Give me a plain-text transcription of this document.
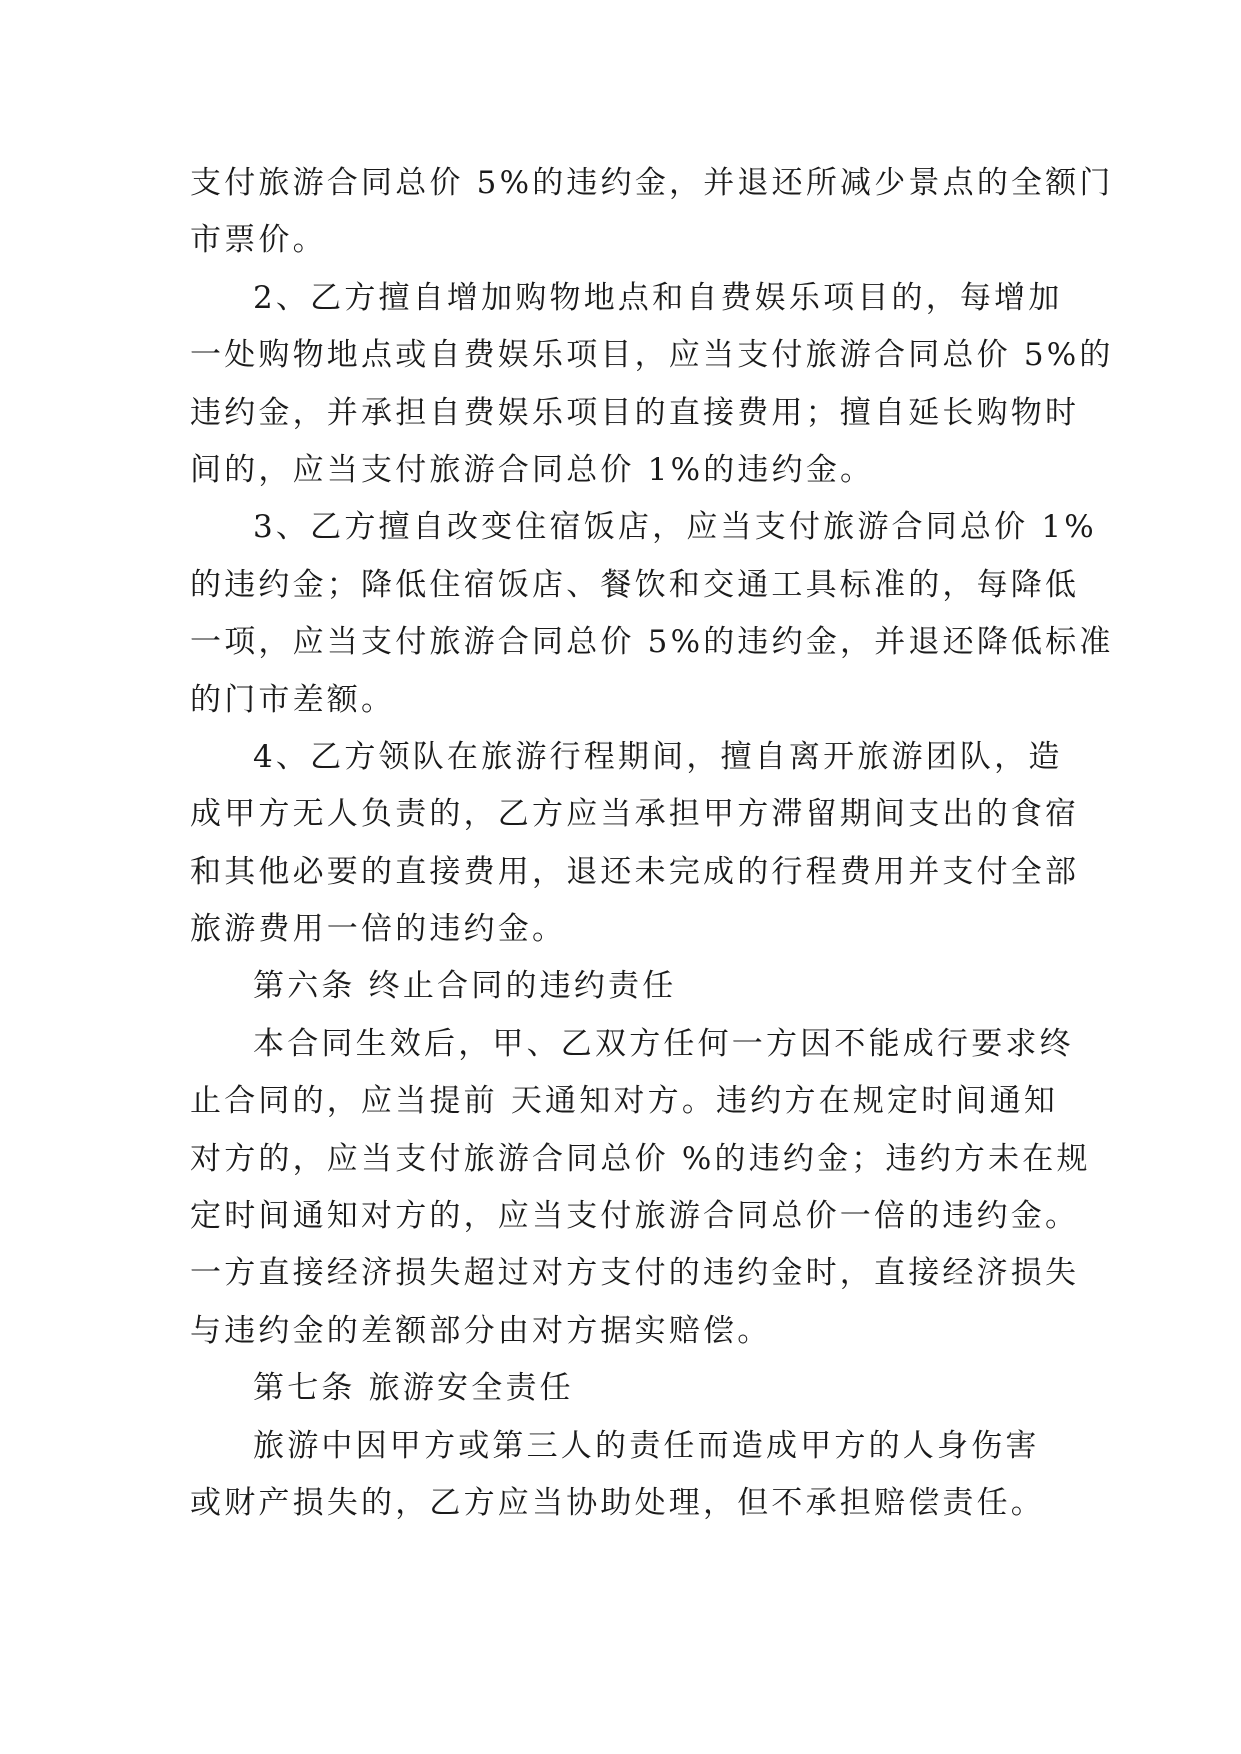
支付旅游合同总价 5%的违约金，并退还所减少景点的全额门
市票价。
2、乙方擅自增加购物地点和自费娱乐项目的，每增加
一处购物地点或自费娱乐项目，应当支付旅游合同总价 5%的
违约金，并承担自费娱乐项目的直接费用；擅自延长购物时
间的，应当支付旅游合同总价 1%的违约金。
3、乙方擅自改变住宿饭店，应当支付旅游合同总价 1%
的违约金；降低住宿饭店、餐饮和交通工具标准的，每降低
一项，应当支付旅游合同总价 5%的违约金，并退还降低标准
的门市差额。
4、乙方领队在旅游行程期间，擅自离开旅游团队，造
成甲方无人负责的，乙方应当承担甲方滞留期间支出的食宿
和其他必要的直接费用，退还未完成的行程费用并支付全部
旅游费用一倍的违约金。
第六条 终止合同的违约责任
本合同生效后，甲、乙双方任何一方因不能成行要求终
止合同的，应当提前 天通知对方。违约方在规定时间通知
对方的，应当支付旅游合同总价 %的违约金；违约方未在规
定时间通知对方的，应当支付旅游合同总价一倍的违约金。
一方直接经济损失超过对方支付的违约金时，直接经济损失
与违约金的差额部分由对方据实赔偿。
第七条 旅游安全责任
旅游中因甲方或第三人的责任而造成甲方的人身伤害
或财产损失的，乙方应当协助处理，但不承担赔偿责任。
